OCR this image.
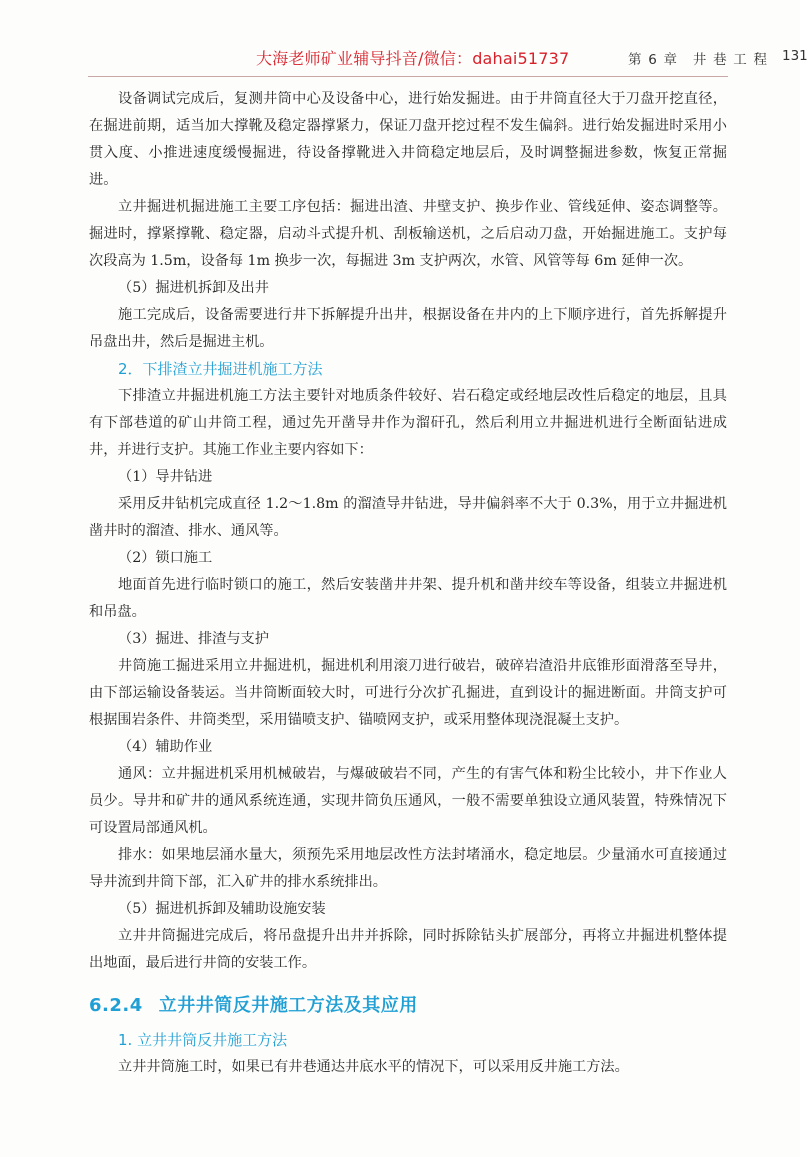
大海老师矿业辅导抖音/微信：dahai51737	第 6 章　井 巷 工 程 131

设备调试完成后，复测井筒中心及设备中心，进行始发掘进。由于井筒直径大于刀盘开挖直径，在掘进前期，适当加大撑靴及稳定器撑紧力，保证刀盘开挖过程不发生偏斜。进行始发掘进时采用小贯入度、小推进速度缓慢掘进，待设备撑靴进入井筒稳定地层后，及时调整掘进参数，恢复正常掘进。

立井掘进机掘进施工主要工序包括：掘进出渣、井壁支护、换步作业、管线延伸、姿态调整等。掘进时，撑紧撑靴、稳定器，启动斗式提升机、刮板输送机，之后启动刀盘，开始掘进施工。支护每次段高为 1.5m，设备每 1m 换步一次，每掘进 3m 支护两次，水管、风管等每 6m 延伸一次。

（5）掘进机拆卸及出井

施工完成后，设备需要进行井下拆解提升出井，根据设备在井内的上下顺序进行，首先拆解提升吊盘出井，然后是掘进主机。

2．下排渣立井掘进机施工方法

下排渣立井掘进机施工方法主要针对地质条件较好、岩石稳定或经地层改性后稳定的地层，且具有下部巷道的矿山井筒工程，通过先开凿导井作为溜矸孔，然后利用立井掘进机进行全断面钻进成井，并进行支护。其施工作业主要内容如下：

（1）导井钻进

采用反井钻机完成直径 1.2～1.8m 的溜渣导井钻进，导井偏斜率不大于 0.3%，用于立井掘进机凿井时的溜渣、排水、通风等。

（2）锁口施工

地面首先进行临时锁口的施工，然后安装凿井井架、提升机和凿井绞车等设备，组装立井掘进机和吊盘。

（3）掘进、排渣与支护

井筒施工掘进采用立井掘进机，掘进机利用滚刀进行破岩，破碎岩渣沿井底锥形面滑落至导井，由下部运输设备装运。当井筒断面较大时，可进行分次扩孔掘进，直到设计的掘进断面。井筒支护可根据围岩条件、井筒类型，采用锚喷支护、锚喷网支护，或采用整体现浇混凝土支护。

（4）辅助作业

通风：立井掘进机采用机械破岩，与爆破破岩不同，产生的有害气体和粉尘比较小，井下作业人员少。导井和矿井的通风系统连通，实现井筒负压通风，一般不需要单独设立通风装置，特殊情况下可设置局部通风机。

排水：如果地层涌水量大，须预先采用地层改性方法封堵涌水，稳定地层。少量涌水可直接通过导井流到井筒下部，汇入矿井的排水系统排出。

（5）掘进机拆卸及辅助设施安装

立井井筒掘进完成后，将吊盘提升出井并拆除，同时拆除钻头扩展部分，再将立井掘进机整体提出地面，最后进行井筒的安装工作。

6.2.4 立井井筒反井施工方法及其应用

1. 立井井筒反井施工方法

立井井筒施工时，如果已有井巷通达井底水平的情况下，可以采用反井施工方法。
